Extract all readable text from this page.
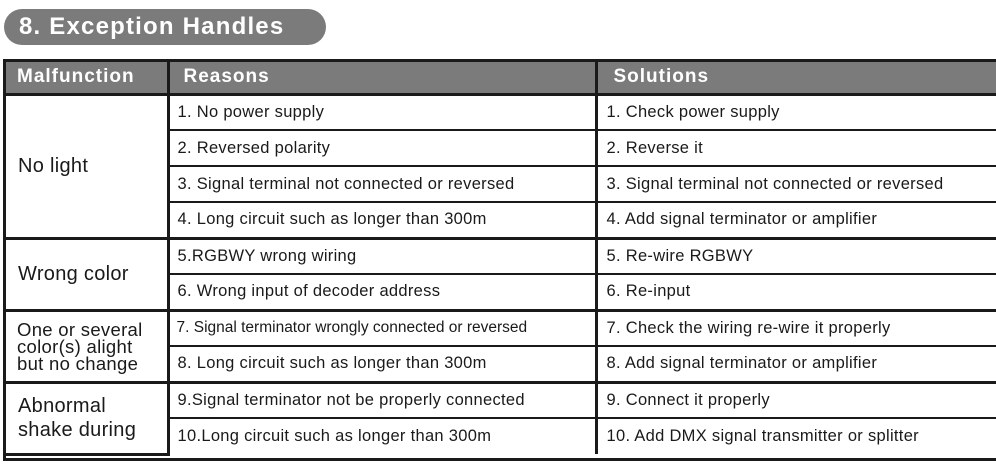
8. Exception Handles
Malfunction	Reasons	Solutions

No light	1. No power supply	1. Check power supply
	2. Reversed polarity	2. Reverse it
	3. Signal terminal not connected or reversed	3. Signal terminal not connected or reversed
	4. Long circuit such as longer than 300m	4. Add signal terminator or amplifier

Wrong color	5.RGBWY wrong wiring	5. Re-wire RGBWY
	6. Wrong input of decoder address	6. Re-input

One or several
color(s) alight
but no change	7. Signal terminator wrongly connected or reversed	7. Check the wiring re-wire it properly
	8. Long circuit such as longer than 300m	8. Add signal terminator or amplifier

Abnormal
shake during	9.Signal terminator not be properly connected	9. Connect it properly
	10.Long circuit such as longer than 300m	10. Add DMX signal transmitter or splitter
